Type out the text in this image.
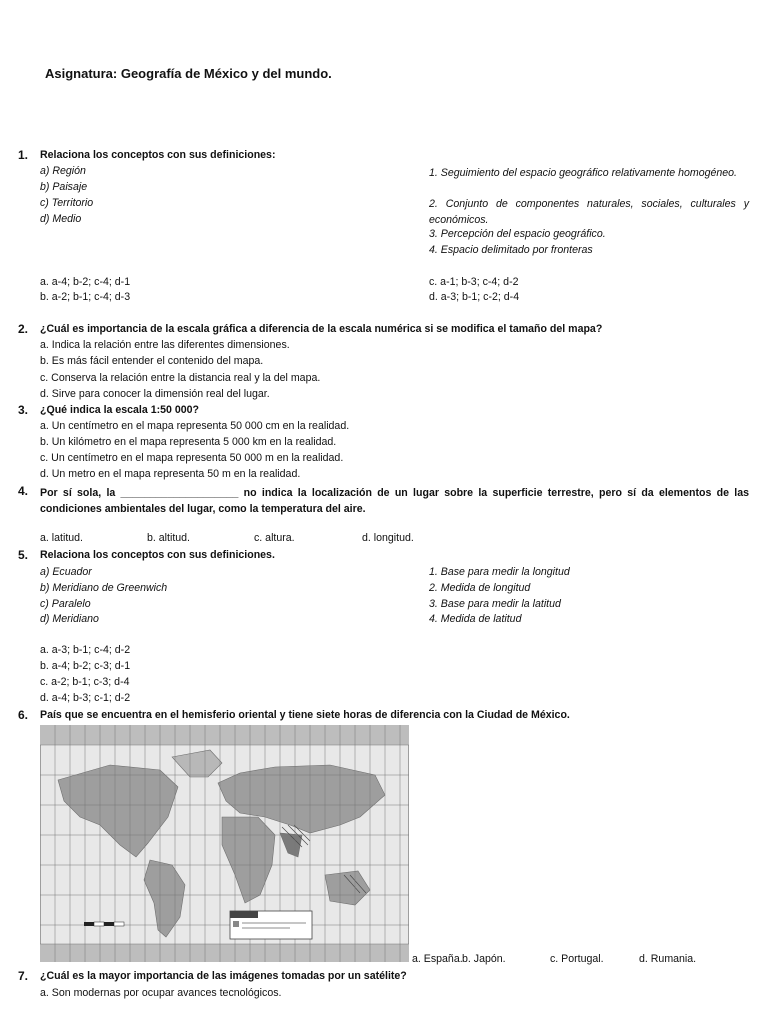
Asignatura: Geografía de México y del mundo.
1. Relaciona los conceptos con sus definiciones:
a) Región
b) Paisaje
c) Territorio
d) Medio
1. Seguimiento del espacio geográfico relativamente homogéneo.
2. Conjunto de componentes naturales, sociales, culturales y económicos.
3. Percepción del espacio geográfico.
4. Espacio delimitado por fronteras
a. a-4; b-2; c-4; d-1
b. a-2; b-1; c-4; d-3
c. a-1; b-3; c-4; d-2
d. a-3; b-1; c-2; d-4
2. ¿Cuál es importancia de la escala gráfica a diferencia de la escala numérica si se modifica el tamaño del mapa?
a. Indica la relación entre las diferentes dimensiones.
b. Es más fácil entender el contenido del mapa.
c. Conserva la relación entre la distancia real y la del mapa.
d. Sirve para conocer la dimensión real del lugar.
3. ¿Qué indica la escala 1:50 000?
a. Un centímetro en el mapa representa 50 000 cm en la realidad.
b. Un kilómetro en el mapa representa 5 000 km en la realidad.
c. Un centímetro en el mapa representa 50 000 m en la realidad.
d. Un metro en el mapa representa 50 m en la realidad.
4. Por sí sola, la ____________________ no indica la localización de un lugar sobre la superficie terrestre, pero sí da elementos de las condiciones ambientales del lugar, como la temperatura del aire.
a. latitud.	b. altitud.	c. altura.	d. longitud.
5. Relaciona los conceptos con sus definiciones.
a) Ecuador
b) Meridiano de Greenwich
c) Paralelo
d) Meridiano
1. Base para medir la longitud
2. Medida de longitud
3. Base para medir la latitud
4. Medida de latitud
a. a-3; b-1; c-4; d-2
b. a-4; b-2; c-3; d-1
c. a-2; b-1; c-3; d-4
d. a-4; b-3; c-1; d-2
6. País que se encuentra en el hemisferio oriental y tiene siete horas de diferencia con la Ciudad de México.
a. España. b. Japón.	c. Portugal.	d. Rumania.
7. ¿Cuál es la mayor importancia de las imágenes tomadas por un satélite?
a. Son modernas por ocupar avances tecnológicos.
